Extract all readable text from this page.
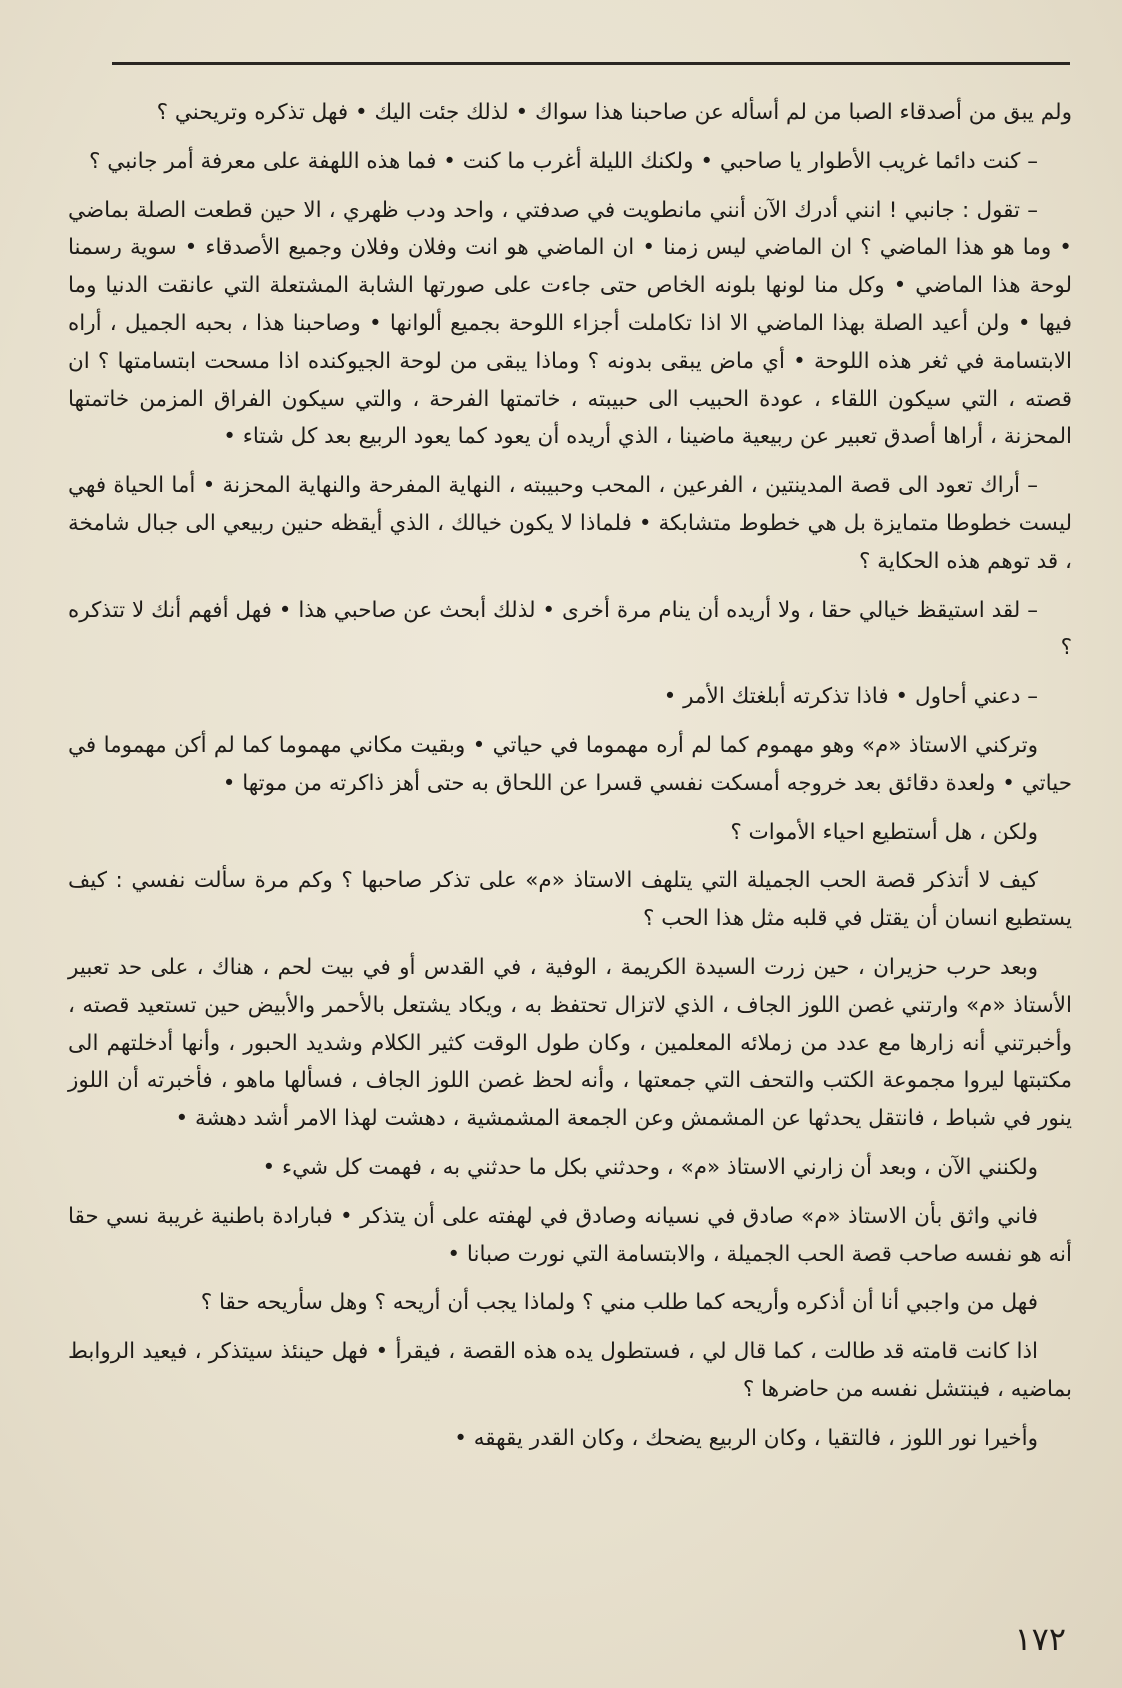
ولم يبق من أصدقاء الصبا من لم أسأله عن صاحبنا هذا سواك • لذلك جئت اليك • فهل تذكره وتريحني ؟

– كنت دائما غريب الأطوار يا صاحبي • ولكنك الليلة أغرب ما كنت • فما هذه اللهفة على معرفة أمر جانبي ؟

– تقول : جانبي ! انني أدرك الآن أنني مانطويت في صدفتي ، واحد ودب ظهري ، الا حين قطعت الصلة بماضي • وما هو هذا الماضي ؟ ان الماضي ليس زمنا • ان الماضي هو انت وفلان وفلان وجميع الأصدقاء • سوية رسمنا لوحة هذا الماضي • وكل منا لونها بلونه الخاص حتى جاءت على صورتها الشابة المشتعلة التي عانقت الدنيا وما فيها • ولن أعيد الصلة بهذا الماضي الا اذا تكاملت أجزاء اللوحة بجميع ألوانها • وصاحبنا هذا ، بحبه الجميل ، أراه الابتسامة في ثغر هذه اللوحة • أي ماض يبقى بدونه ؟ وماذا يبقى من لوحة الجيوكنده اذا مسحت ابتسامتها ؟ ان قصته ، التي سيكون اللقاء ، عودة الحبيب الى حبيبته ، خاتمتها الفرحة ، والتي سيكون الفراق المزمن خاتمتها المحزنة ، أراها أصدق تعبير عن ربيعية ماضينا ، الذي أريده أن يعود كما يعود الربيع بعد كل شتاء •

– أراك تعود الى قصة المدينتين ، الفرعين ، المحب وحبيبته ، النهاية المفرحة والنهاية المحزنة • أما الحياة فهي ليست خطوطا متمايزة بل هي خطوط متشابكة • فلماذا لا يكون خيالك ، الذي أيقظه حنين ربيعي الى جبال شامخة ، قد توهم هذه الحكاية ؟

– لقد استيقظ خيالي حقا ، ولا أريده أن ينام مرة أخرى • لذلك أبحث عن صاحبي هذا • فهل أفهم أنك لا تتذكره ؟

– دعني أحاول • فاذا تذكرته أبلغتك الأمر •

وتركني الاستاذ «م» وهو مهموم كما لم أره مهموما في حياتي • وبقيت مكاني مهموما كما لم أكن مهموما في حياتي • ولعدة دقائق بعد خروجه أمسكت نفسي قسرا عن اللحاق به حتى أهز ذاكرته من موتها •

ولكن ، هل أستطيع احياء الأموات ؟

كيف لا أتذكر قصة الحب الجميلة التي يتلهف الاستاذ «م» على تذكر صاحبها ؟ وكم مرة سألت نفسي : كيف يستطيع انسان أن يقتل في قلبه مثل هذا الحب ؟

وبعد حرب حزيران ، حين زرت السيدة الكريمة ، الوفية ، في القدس أو في بيت لحم ، هناك ، على حد تعبير الأستاذ «م» وارتني غصن اللوز الجاف ، الذي لاتزال تحتفظ به ، ويكاد يشتعل بالأحمر والأبيض حين تستعيد قصته ، وأخبرتني أنه زارها مع عدد من زملائه المعلمين ، وكان طول الوقت كثير الكلام وشديد الحبور ، وأنها أدخلتهم الى مكتبتها ليروا مجموعة الكتب والتحف التي جمعتها ، وأنه لحظ غصن اللوز الجاف ، فسألها ماهو ، فأخبرته أن اللوز ينور في شباط ، فانتقل يحدثها عن المشمش وعن الجمعة المشمشية ، دهشت لهذا الامر أشد دهشة •

ولكنني الآن ، وبعد أن زارني الاستاذ «م» ، وحدثني بكل ما حدثني به ، فهمت كل شيء •

فاني واثق بأن الاستاذ «م» صادق في نسيانه وصادق في لهفته على أن يتذكر • فبارادة باطنية غريبة نسي حقا أنه هو نفسه صاحب قصة الحب الجميلة ، والابتسامة التي نورت صبانا •

فهل من واجبي أنا أن أذكره وأريحه كما طلب مني ؟ ولماذا يجب أن أريحه ؟ وهل سأريحه حقا ؟

اذا كانت قامته قد طالت ، كما قال لي ، فستطول يده هذه القصة ، فيقرأ • فهل حينئذ سيتذكر ، فيعيد الروابط بماضيه ، فينتشل نفسه من حاضرها ؟

وأخيرا نور اللوز ، فالتقيا ، وكان الربيع يضحك ، وكان القدر يقهقه •

١٧٢
